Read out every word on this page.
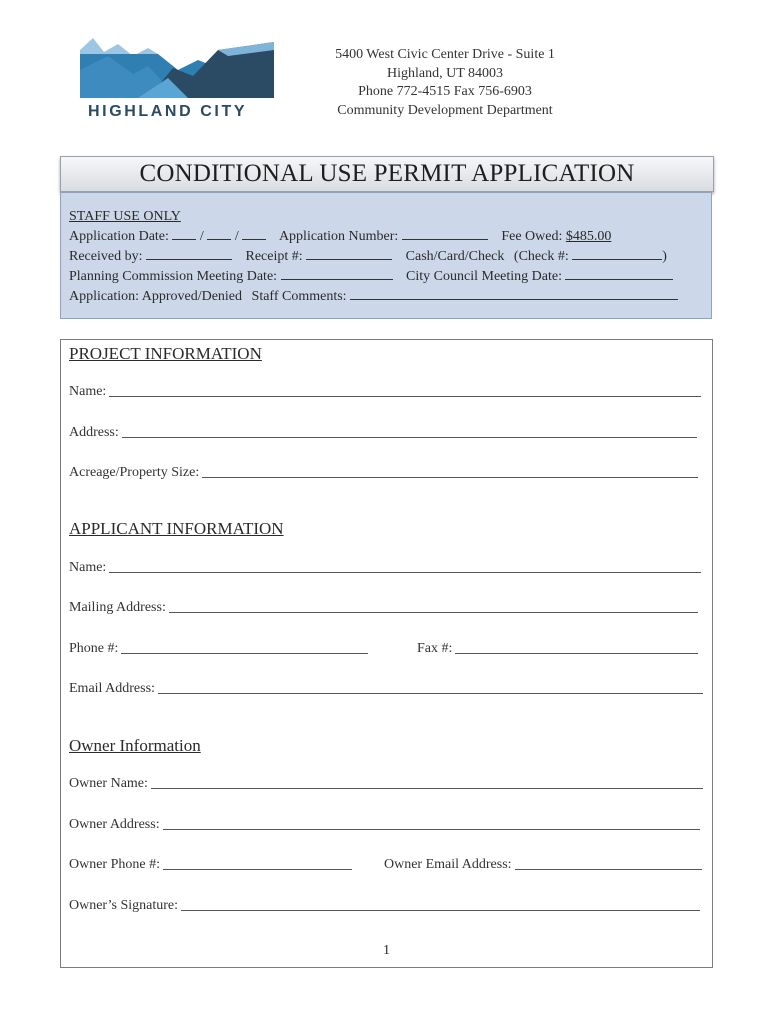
HIGHLAND CITY
5400 West Civic Center Drive - Suite 1
Highland, UT 84003
Phone 772-4515 Fax 756-6903
Community Development Department
CONDITIONAL USE PERMIT APPLICATION
STAFF USE ONLY
Application Date: / /	Application Number:	Fee Owed: $485.00
Received by:	Receipt #:	Cash/Card/Check (Check #:	)
Planning Commission Meeting Date:	City Council Meeting Date:
Application: Approved/Denied Staff Comments:
PROJECT INFORMATION
Name:
Address:
Acreage/Property Size:
APPLICANT INFORMATION
Name:
Mailing Address:
Phone #:	Fax #:
Email Address:
Owner Information
Owner Name:
Owner Address:
Owner Phone #:	Owner Email Address:
Owner’s Signature:
1
